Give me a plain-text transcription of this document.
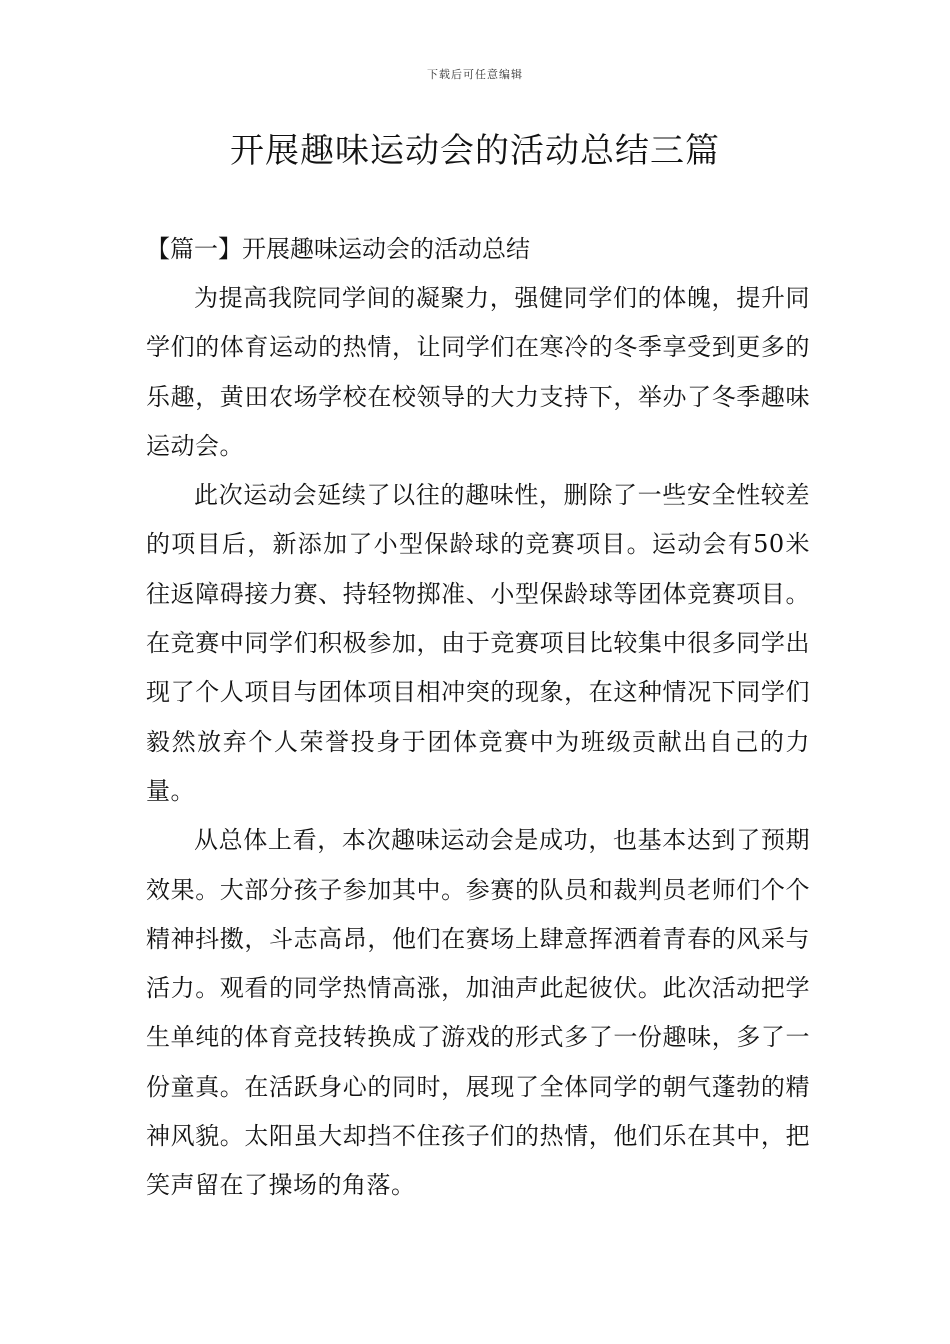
下载后可任意编辑
开展趣味运动会的活动总结三篇

【篇一】开展趣味运动会的活动总结

为提高我院同学间的凝聚力，强健同学们的体魄，提升同学们的体育运动的热情，让同学们在寒冷的冬季享受到更多的乐趣，黄田农场学校在校领导的大力支持下，举办了冬季趣味运动会。

此次运动会延续了以往的趣味性，删除了一些安全性较差的项目后，新添加了小型保龄球的竞赛项目。运动会有50米往返障碍接力赛、持轻物掷准、小型保龄球等团体竞赛项目。在竞赛中同学们积极参加，由于竞赛项目比较集中很多同学出现了个人项目与团体项目相冲突的现象，在这种情况下同学们毅然放弃个人荣誉投身于团体竞赛中为班级贡献出自己的力量。

从总体上看，本次趣味运动会是成功，也基本达到了预期效果。大部分孩子参加其中。参赛的队员和裁判员老师们个个精神抖擞，斗志高昂，他们在赛场上肆意挥洒着青春的风采与活力。观看的同学热情高涨，加油声此起彼伏。此次活动把学生单纯的体育竞技转换成了游戏的形式多了一份趣味，多了一份童真。在活跃身心的同时，展现了全体同学的朝气蓬勃的精神风貌。太阳虽大却挡不住孩子们的热情，他们乐在其中，把笑声留在了操场的角落。
